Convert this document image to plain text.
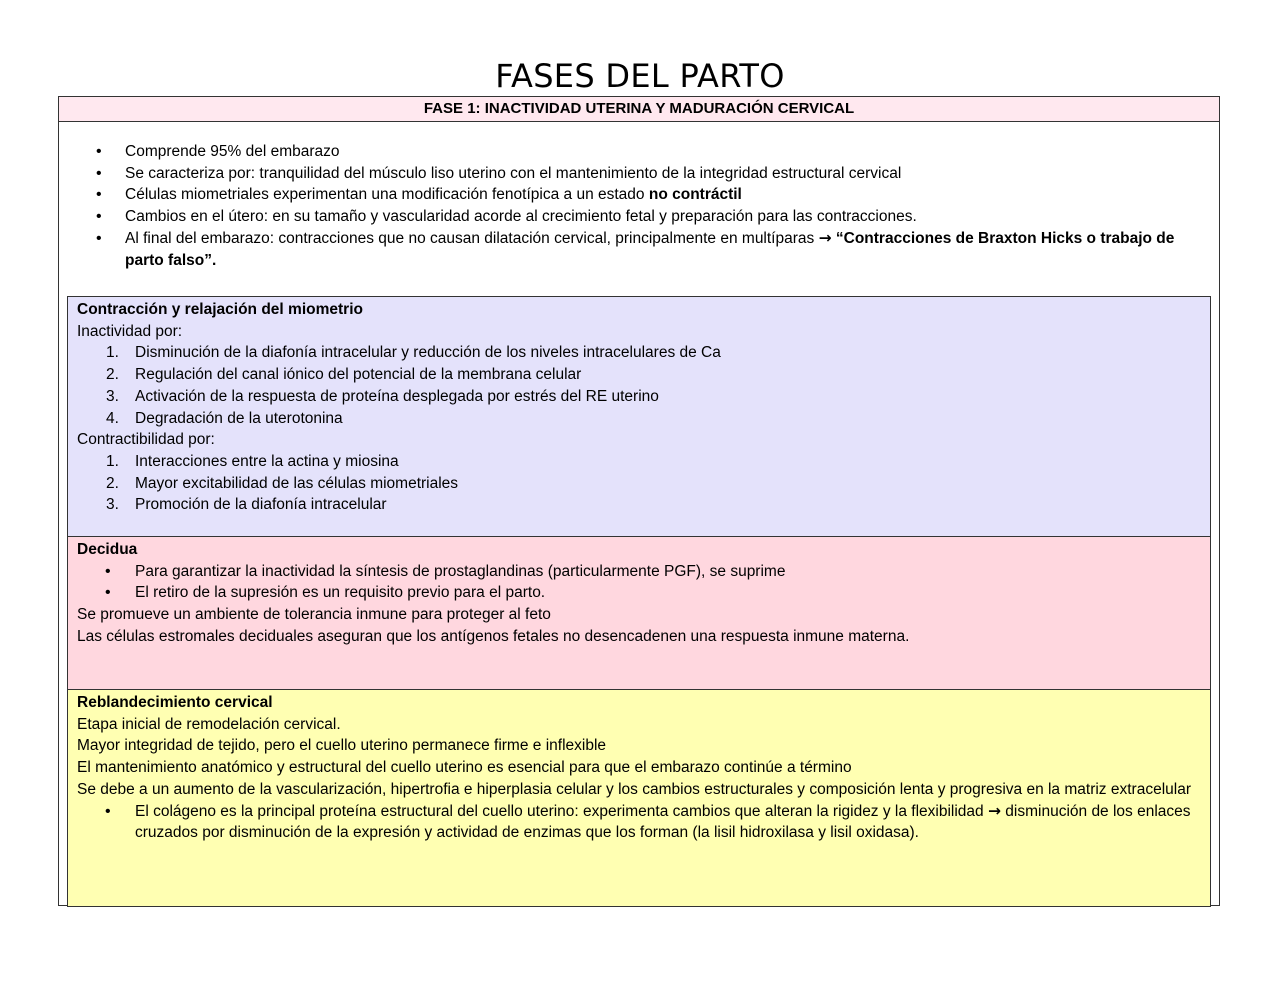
FASES DEL PARTO
FASE 1: INACTIVIDAD UTERINA Y MADURACIÓN CERVICAL
• Comprende 95% del embarazo
• Se caracteriza por: tranquilidad del músculo liso uterino con el mantenimiento de la integridad estructural cervical
• Células miometriales experimentan una modificación fenotípica a un estado no contráctil
• Cambios en el útero: en su tamaño y vascularidad acorde al crecimiento fetal y preparación para las contracciones.
• Al final del embarazo: contracciones que no causan dilatación cervical, principalmente en multíparas → “Contracciones de Braxton Hicks o trabajo de parto falso”.
Contracción y relajación del miometrio
Inactividad por:
1. Disminución de la diafonía intracelular y reducción de los niveles intracelulares de Ca
2. Regulación del canal iónico del potencial de la membrana celular
3. Activación de la respuesta de proteína desplegada por estrés del RE uterino
4. Degradación de la uterotonina
Contractibilidad por:
1. Interacciones entre la actina y miosina
2. Mayor excitabilidad de las células miometriales
3. Promoción de la diafonía intracelular
Decidua
• Para garantizar la inactividad la síntesis de prostaglandinas (particularmente PGF), se suprime
• El retiro de la supresión es un requisito previo para el parto.
Se promueve un ambiente de tolerancia inmune para proteger al feto
Las células estromales deciduales aseguran que los antígenos fetales no desencadenen una respuesta inmune materna.
Reblandecimiento cervical
Etapa inicial de remodelación cervical.
Mayor integridad de tejido, pero el cuello uterino permanece firme e inflexible
El mantenimiento anatómico y estructural del cuello uterino es esencial para que el embarazo continúe a término
Se debe a un aumento de la vascularización, hipertrofia e hiperplasia celular y los cambios estructurales y composición lenta y progresiva en la matriz extracelular
• El colágeno es la principal proteína estructural del cuello uterino: experimenta cambios que alteran la rigidez y la flexibilidad → disminución de los enlaces cruzados por disminución de la expresión y actividad de enzimas que los forman (la lisil hidroxilasa y lisil oxidasa).
